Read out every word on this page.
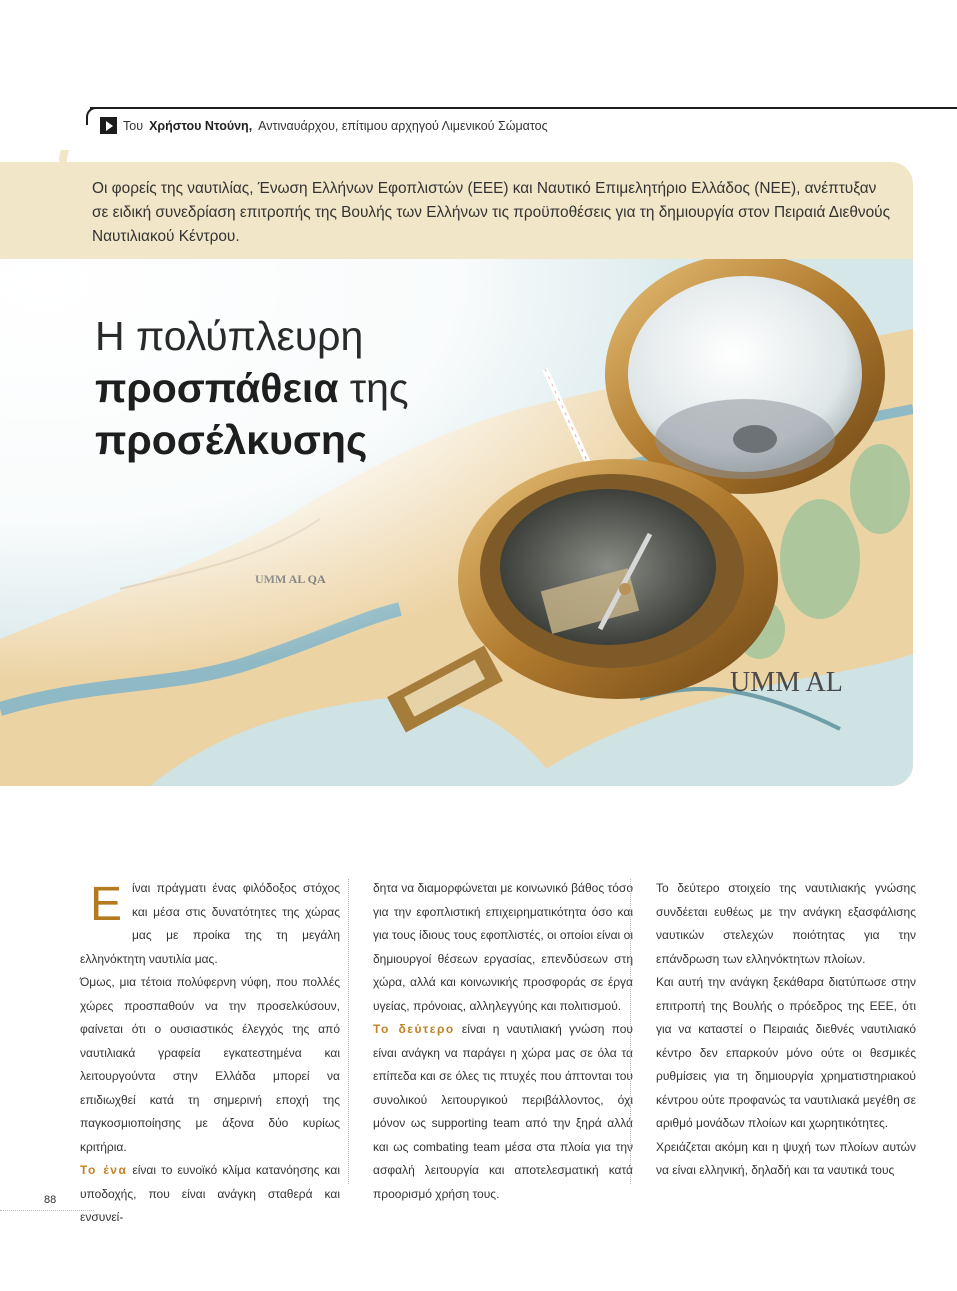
Του Χρήστου Ντούνη, Αντιναυάρχου, επίτιμου αρχηγού Λιμενικού Σώματος
Οι φορείς της ναυτιλίας, Ένωση Ελλήνων Εφοπλιστών (ΕΕΕ) και Ναυτικό Επιμελητήριο Ελλάδος (ΝΕΕ), ανέπτυξαν σε ειδική συνεδρίαση επιτροπής της Βουλής των Ελλήνων τις προϋποθέσεις για τη δημιουργία στον Πειραιά Διεθνούς Ναυτιλιακού Κέντρου.
Η πολύπλευρη
προσπάθεια της
προσέλκυσης

Είναι πράγματι ένας φιλόδοξος στόχος και μέσα στις δυνατότητες της χώρας μας με προίκα της τη μεγάλη ελληνόκτητη ναυτιλία μας.

Όμως, μια τέτοια πολύφερνη νύφη, που πολλές χώρες προσπαθούν να την προσελκύσουν, φαίνεται ότι ο ουσιαστικός έλεγχός της από ναυτιλιακά γραφεία εγκατεστημένα και λειτουργούντα στην Ελλάδα μπορεί να επιδιωχθεί κατά τη σημερινή εποχή της παγκοσμιοποίησης με άξονα δύο κυρίως κριτήρια.

Το ένα είναι το ευνοϊκό κλίμα κατανόησης και υποδοχής, που είναι ανάγκη σταθερά και ενσυνεί-

δητα να διαμορφώνεται με κοινωνικό βάθος τόσο για την εφοπλιστική επιχειρηματικότητα όσο και για τους ίδιους τους εφοπλιστές, οι οποίοι είναι οι δημιουργοί θέσεων εργασίας, επενδύσεων στη χώρα, αλλά και κοινωνικής προσφοράς σε έργα υγείας, πρόνοιας, αλληλεγγύης και πολιτισμού.

Το δεύτερο είναι η ναυτιλιακή γνώση που είναι ανάγκη να παράγει η χώρα μας σε όλα τα επίπεδα και σε όλες τις πτυχές που άπτονται του συνολικού λειτουργικού περιβάλλοντος, όχι μόνον ως supporting team από την ξηρά αλλά και ως combating team μέσα στα πλοία για την ασφαλή λειτουργία και αποτελεσματική κατά προορισμό χρήση τους.

Το δεύτερο στοιχείο της ναυτιλιακής γνώσης συνδέεται ευθέως με την ανάγκη εξασφάλισης ναυτικών στελεχών ποιότητας για την επάνδρωση των ελληνόκτητων πλοίων.

Και αυτή την ανάγκη ξεκάθαρα διατύπωσε στην επιτροπή της Βουλής ο πρόεδρος της ΕΕΕ, ότι για να καταστεί ο Πειραιάς διεθνές ναυτιλιακό κέντρο δεν επαρκούν μόνο ούτε οι θεσμικές ρυθμίσεις για τη δημιουργία χρηματιστηριακού κέντρου ούτε προφανώς τα ναυτιλιακά μεγέθη σε αριθμό μονάδων πλοίων και χωρητικότητες.

Χρειάζεται ακόμη και η ψυχή των πλοίων αυτών να είναι ελληνική, δηλαδή και τα ναυτικά τους

88
